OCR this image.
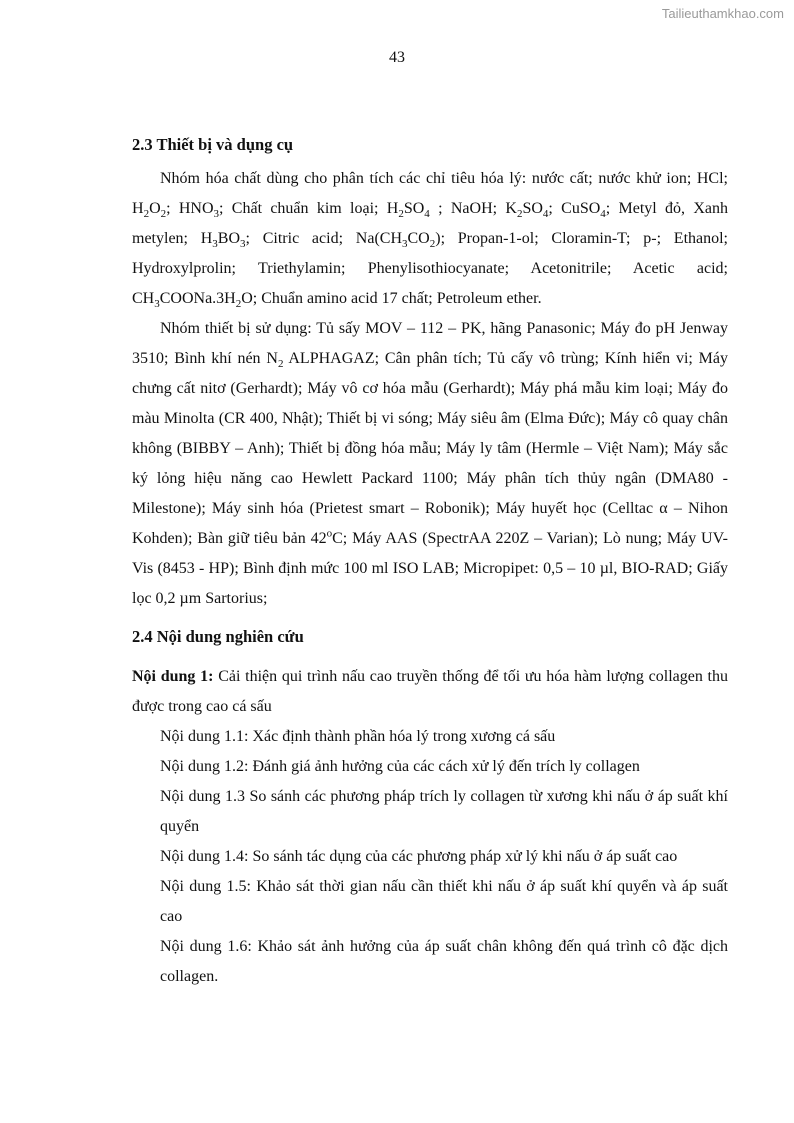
Tailieuthamkhao.com
43
2.3 Thiết bị và dụng cụ

Nhóm hóa chất dùng cho phân tích các chỉ tiêu hóa lý: nước cất; nước khử ion; HCl; $H_2O_2$; $HNO_3$; Chất chuẩn kim loại; $H_2SO_4$ ; NaOH; $K_2SO_4$; CuSO$_4$; Metyl đỏ, Xanh metylen; $H_3BO_3$; Citric acid; $Na(CH_3CO_2)$; Propan-1-ol; Cloramin-T; p-; Ethanol; Hydroxylprolin; Triethylamin; Phenylisothiocyanate; Acetonitrile; Acetic acid; $CH_3COONa.3H_2O$; Chuẩn amino acid 17 chất; Petroleum ether.

Nhóm thiết bị sử dụng: Tủ sấy MOV – 112 – PK, hãng Panasonic; Máy đo pH Jenway 3510; Bình khí nén $N_2$ ALPHAGAZ; Cân phân tích; Tủ cấy vô trùng; Kính hiển vi; Máy chưng cất nitơ (Gerhardt); Máy vô cơ hóa mẫu (Gerhardt); Máy phá mẫu kim loại; Máy đo màu Minolta (CR 400, Nhật); Thiết bị vi sóng; Máy siêu âm (Elma Đức); Máy cô quay chân không (BIBBY – Anh); Thiết bị đồng hóa mẫu; Máy ly tâm (Hermle – Việt Nam); Máy sắc ký lỏng hiệu năng cao Hewlett Packard 1100; Máy phân tích thủy ngân (DMA80 -Milestone); Máy sinh hóa (Prietest smart – Robonik); Máy huyết học (Celltac α – Nihon Kohden); Bàn giữ tiêu bản 42$^o$C; Máy AAS (SpectrAA 220Z – Varian); Lò nung; Máy UV-Vis (8453 - HP); Bình định mức 100 ml ISO LAB; Micropipet: 0,5 – 10 µl, BIO-RAD; Giấy lọc 0,2 µm Sartorius;

2.4 Nội dung nghiên cứu

Nội dung 1: Cải thiện qui trình nấu cao truyền thống để tối ưu hóa hàm lượng collagen thu được trong cao cá sấu

Nội dung 1.1: Xác định thành phần hóa lý trong xương cá sấu

Nội dung 1.2: Đánh giá ảnh hưởng của các cách xử lý đến trích ly collagen

Nội dung 1.3 So sánh các phương pháp trích ly collagen từ xương khi nấu ở áp suất khí quyển

Nội dung 1.4: So sánh tác dụng của các phương pháp xử lý khi nấu ở áp suất cao

Nội dung 1.5: Khảo sát thời gian nấu cần thiết khi nấu ở áp suất khí quyển và áp suất cao

Nội dung 1.6: Khảo sát ảnh hưởng của áp suất chân không đến quá trình cô đặc dịch collagen.
